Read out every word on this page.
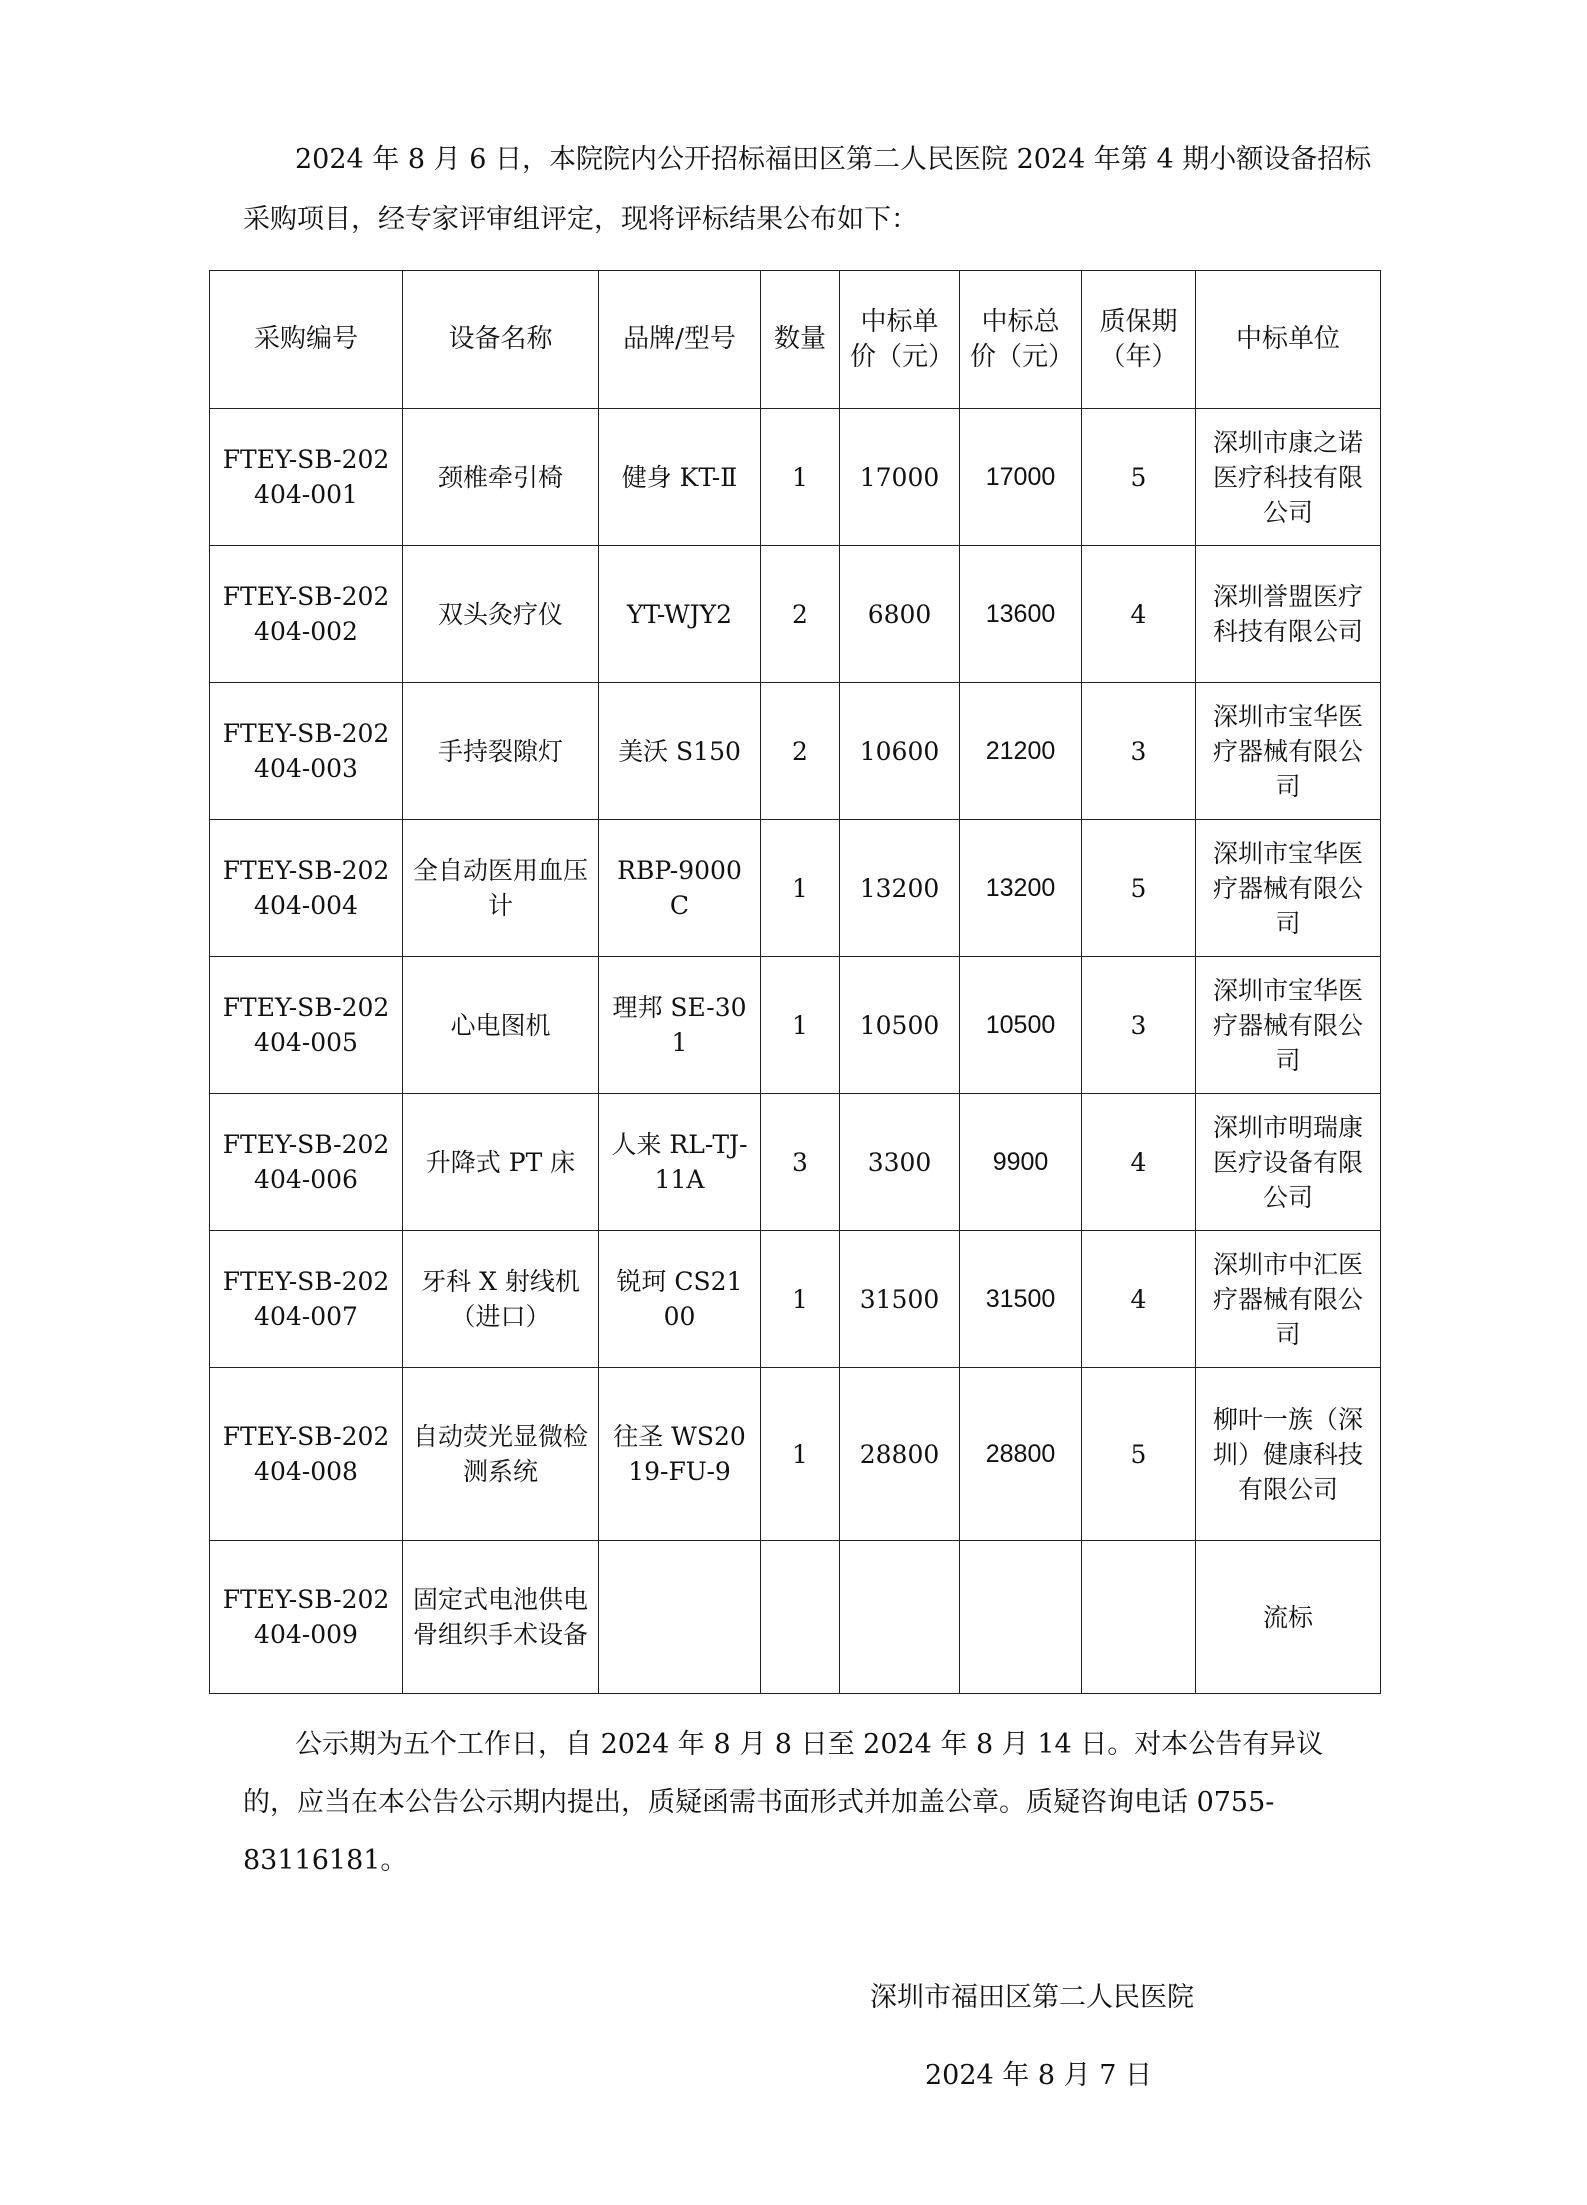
2024 年 8 月 6 日，本院院内公开招标福田区第二人民医院 2024 年第 4 期小额设备招标采购项目，经专家评审组评定，现将评标结果公布如下：

采购编号	设备名称	品牌/型号	数量	中标单价（元）	中标总价（元）	质保期（年）	中标单位
FTEY-SB-202404-001	颈椎牵引椅	健身 KT-Ⅱ	1	17000	17000	5	深圳市康之诺医疗科技有限公司
FTEY-SB-202404-002	双头灸疗仪	YT-WJY2	2	6800	13600	4	深圳誉盟医疗科技有限公司
FTEY-SB-202404-003	手持裂隙灯	美沃 S150	2	10600	21200	3	深圳市宝华医疗器械有限公司
FTEY-SB-202404-004	全自动医用血压计	RBP-9000C	1	13200	13200	5	深圳市宝华医疗器械有限公司
FTEY-SB-202404-005	心电图机	理邦 SE-301	1	10500	10500	3	深圳市宝华医疗器械有限公司
FTEY-SB-202404-006	升降式 PT 床	人来 RL-TJ-11A	3	3300	9900	4	深圳市明瑞康医疗设备有限公司
FTEY-SB-202404-007	牙科 X 射线机（进口）	锐珂 CS2100	1	31500	31500	4	深圳市中汇医疗器械有限公司
FTEY-SB-202404-008	自动荧光显微检测系统	往圣 WS2019-FU-9	1	28800	28800	5	柳叶一族（深圳）健康科技有限公司
FTEY-SB-202404-009	固定式电池供电骨组织手术设备						流标

公示期为五个工作日，自 2024 年 8 月 8 日至 2024 年 8 月 14 日。对本公告有异议的，应当在本公告公示期内提出，质疑函需书面形式并加盖公章。质疑咨询电话 0755-83116181。

深圳市福田区第二人民医院
2024 年 8 月 7 日
